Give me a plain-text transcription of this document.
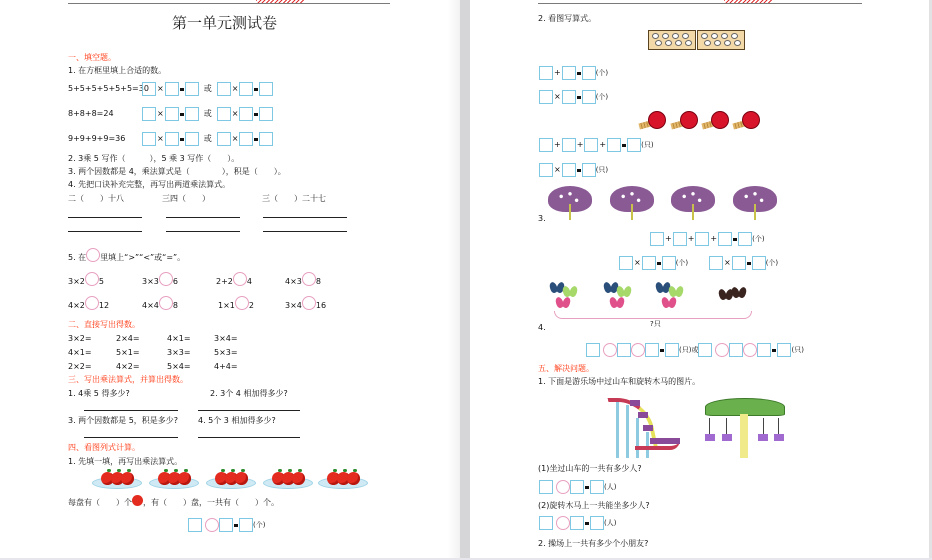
第一单元测试卷
一、填空题。
1. 在方框里填上合适的数。
5+5+5+5+5+5=30 ×	或	×
8+8+8=24	×	或	×
9+9+9+9=36	×	或	×
2. 3乘 5 写作（　　　），5 乘 3 写作（　　）。
3. 两个因数都是 4，乘法算式是（　　　　），积是（　　）。
4. 先把口诀补充完整，再写出两道乘法算式。
二（　　）十八	三四（　　）	三（　　）二十七
5. 在 里填上“>”“<”或“=”。
3×2 5	3×3 6	2+2 4	4×3 8
4×2 12	4×4 8	1×1 2	3×4 16
二、直接写出得数。
3×2=	2×4=	4×1=	3×4=
4×1=	5×1=	3×3=	5×3=
2×2=	4×2=	5×4=	4+4=
三、写出乘法算式，并算出得数。
1. 4乘 5 得多少?	2. 3个 4 相加得多少?
3. 两个因数都是 5，积是多少? 4. 5个 3 相加得多少?
四、看图列式计算。
1. 先填一填，再写出乘法算式。
每盘有（　　）个 ，有（　　）盘，一共有（　　）个。
(个)
2. 看图写算式。
+	(个)
×	(个)
+ + +	(只)
×	(只)
3.
+ + +	(个)
×	(个)	×	(个)
?只
4.
(只)或	(只)
五、解决问题。
1. 下面是游乐场中过山车和旋转木马的图片。
(1)坐过山车的一共有多少人?
(人)
(2)旋转木马上一共能坐多少人?
(人)
2. 操场上一共有多少个小朋友?
